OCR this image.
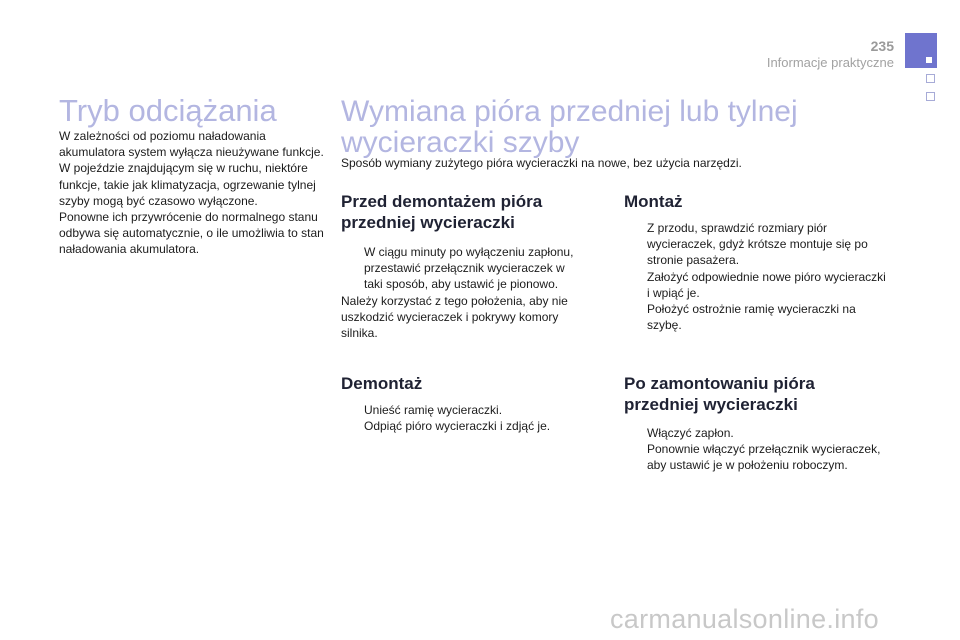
235
Informacje praktyczne
Tryb odciążania

W zależności od poziomu naładowania akumulatora system wyłącza nieużywane funkcje.

W pojeździe znajdującym się w ruchu, niektóre funkcje, takie jak klimatyzacja, ogrzewanie tylnej szyby mogą być czasowo wyłączone.

Ponowne ich przywrócenie do normalnego stanu odbywa się automatycznie, o ile umożliwia to stan naładowania akumulatora.

Wymiana pióra przedniej lub tylnej wycieraczki szyby

Sposób wymiany zużytego pióra wycieraczki na nowe, bez użycia narzędzi.

Przed demontażem pióra przedniej wycieraczki
W ciągu minuty po wyłączeniu zapłonu, przestawić przełącznik wycieraczek w taki sposób, aby ustawić je pionowo.

Należy korzystać z tego położenia, aby nie uszkodzić wycieraczek i pokrywy komory silnika.

Demontaż
Unieść ramię wycieraczki.
Odpiąć pióro wycieraczki i zdjąć je.
Montaż
Z przodu, sprawdzić rozmiary piór wycieraczek, gdyż krótsze montuje się po stronie pasażera.
Założyć odpowiednie nowe pióro wycieraczki i wpiąć je.
Położyć ostrożnie ramię wycieraczki na szybę.
Po zamontowaniu pióra przedniej wycieraczki
Włączyć zapłon.
Ponownie włączyć przełącznik wycieraczek, aby ustawić je w położeniu roboczym.
carmanualsonline.info
